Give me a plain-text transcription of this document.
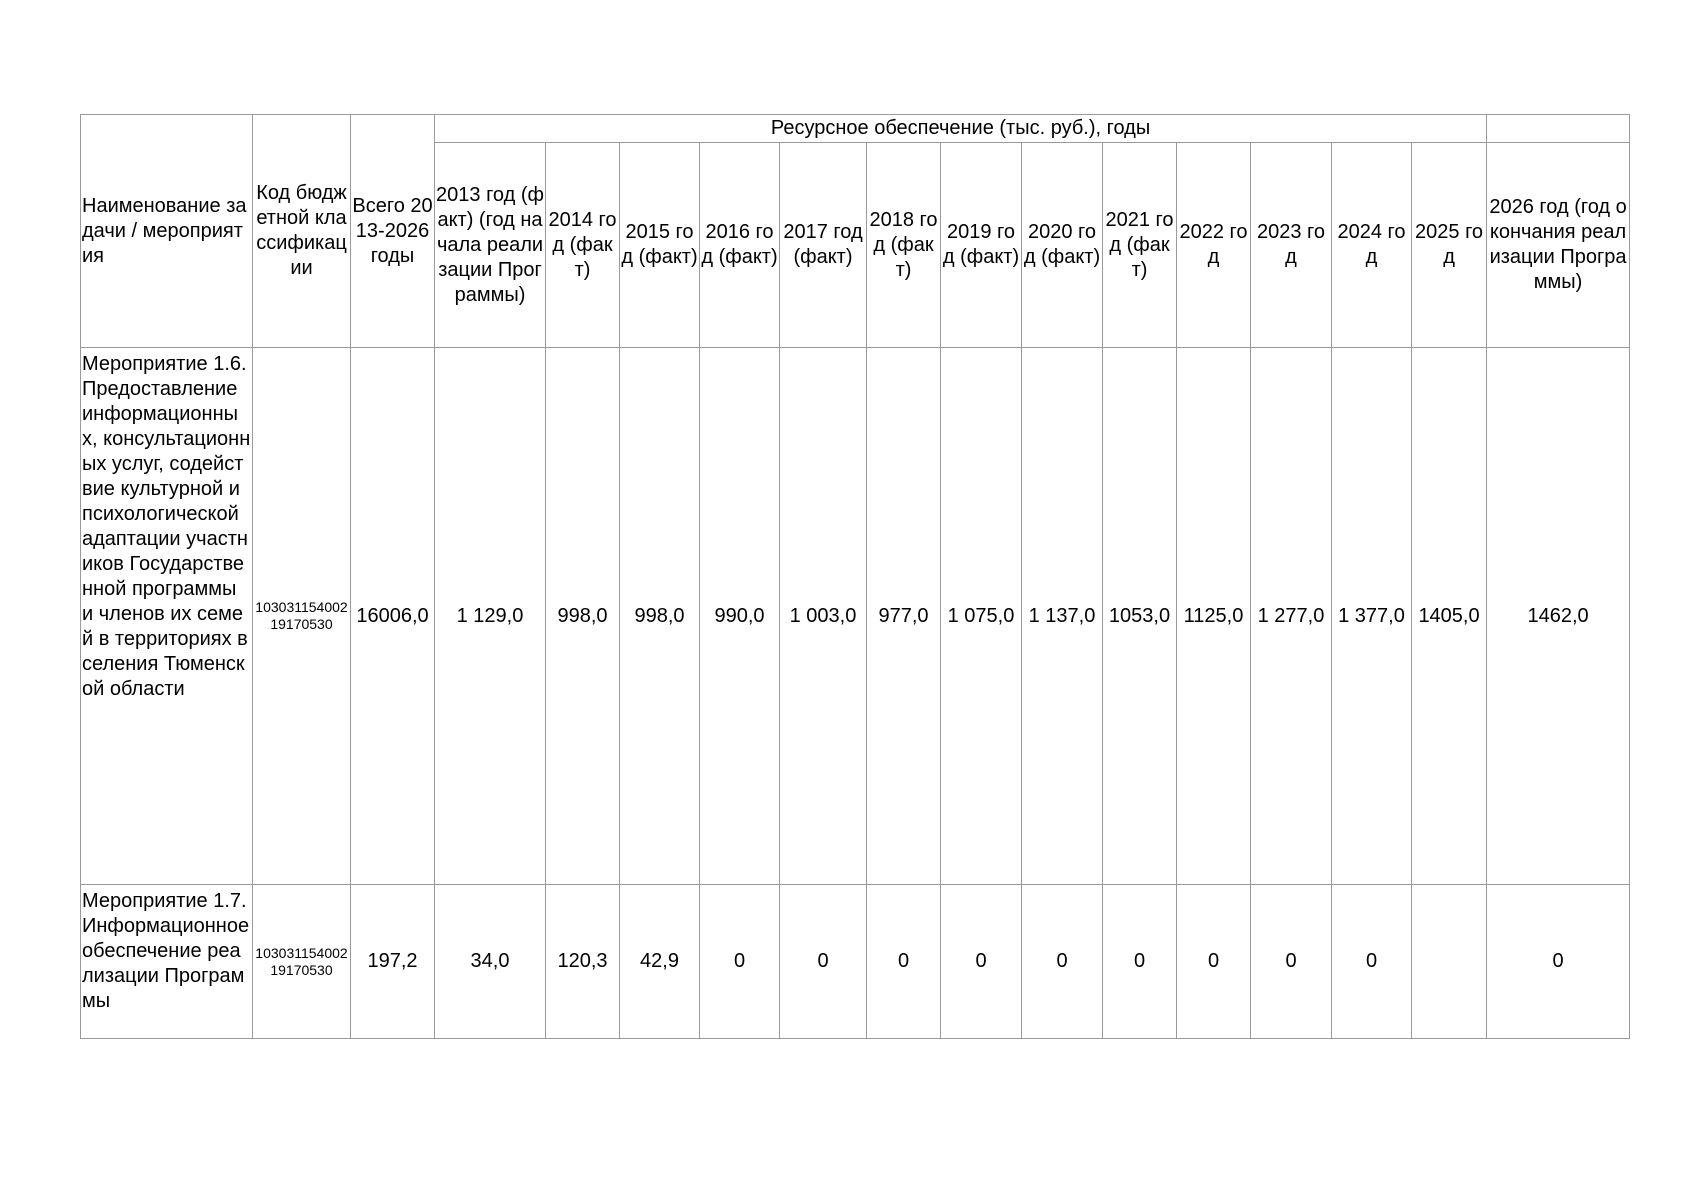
Наименование задачи / мероприятия	Код бюджетной классификации	Всего 2013-2026 годы	Ресурсное обеспечение (тыс. руб.), годы													
			2013 год (факт) (год начала реализации Программы)	2014 год (факт)	2015 год (факт)	2016 год (факт)	2017 год (факт)	2018 год (факт)	2019 год (факт)	2020 год (факт)	2021 год (факт)	2022 год	2023 год	2024 год	2025 год	2026 год (год окончания реализации Программы)
Мероприятие 1.6. Предоставление информационных, консультационных услуг, содействие культурной и психологической адаптации участников Государственной программы и членов их семей в территориях вселения Тюменской области	10303115400219170530	16006,0	1 129,0	998,0	998,0	990,0	1 003,0	977,0	1 075,0	1 137,0	1053,0	1125,0	1 277,0	1 377,0	1405,0	1462,0
Мероприятие 1.7. Информационное обеспечение реализации Программы	10303115400219170530	197,2	34,0	120,3	42,9	0	0	0	0	0	0	0	0	0		0
